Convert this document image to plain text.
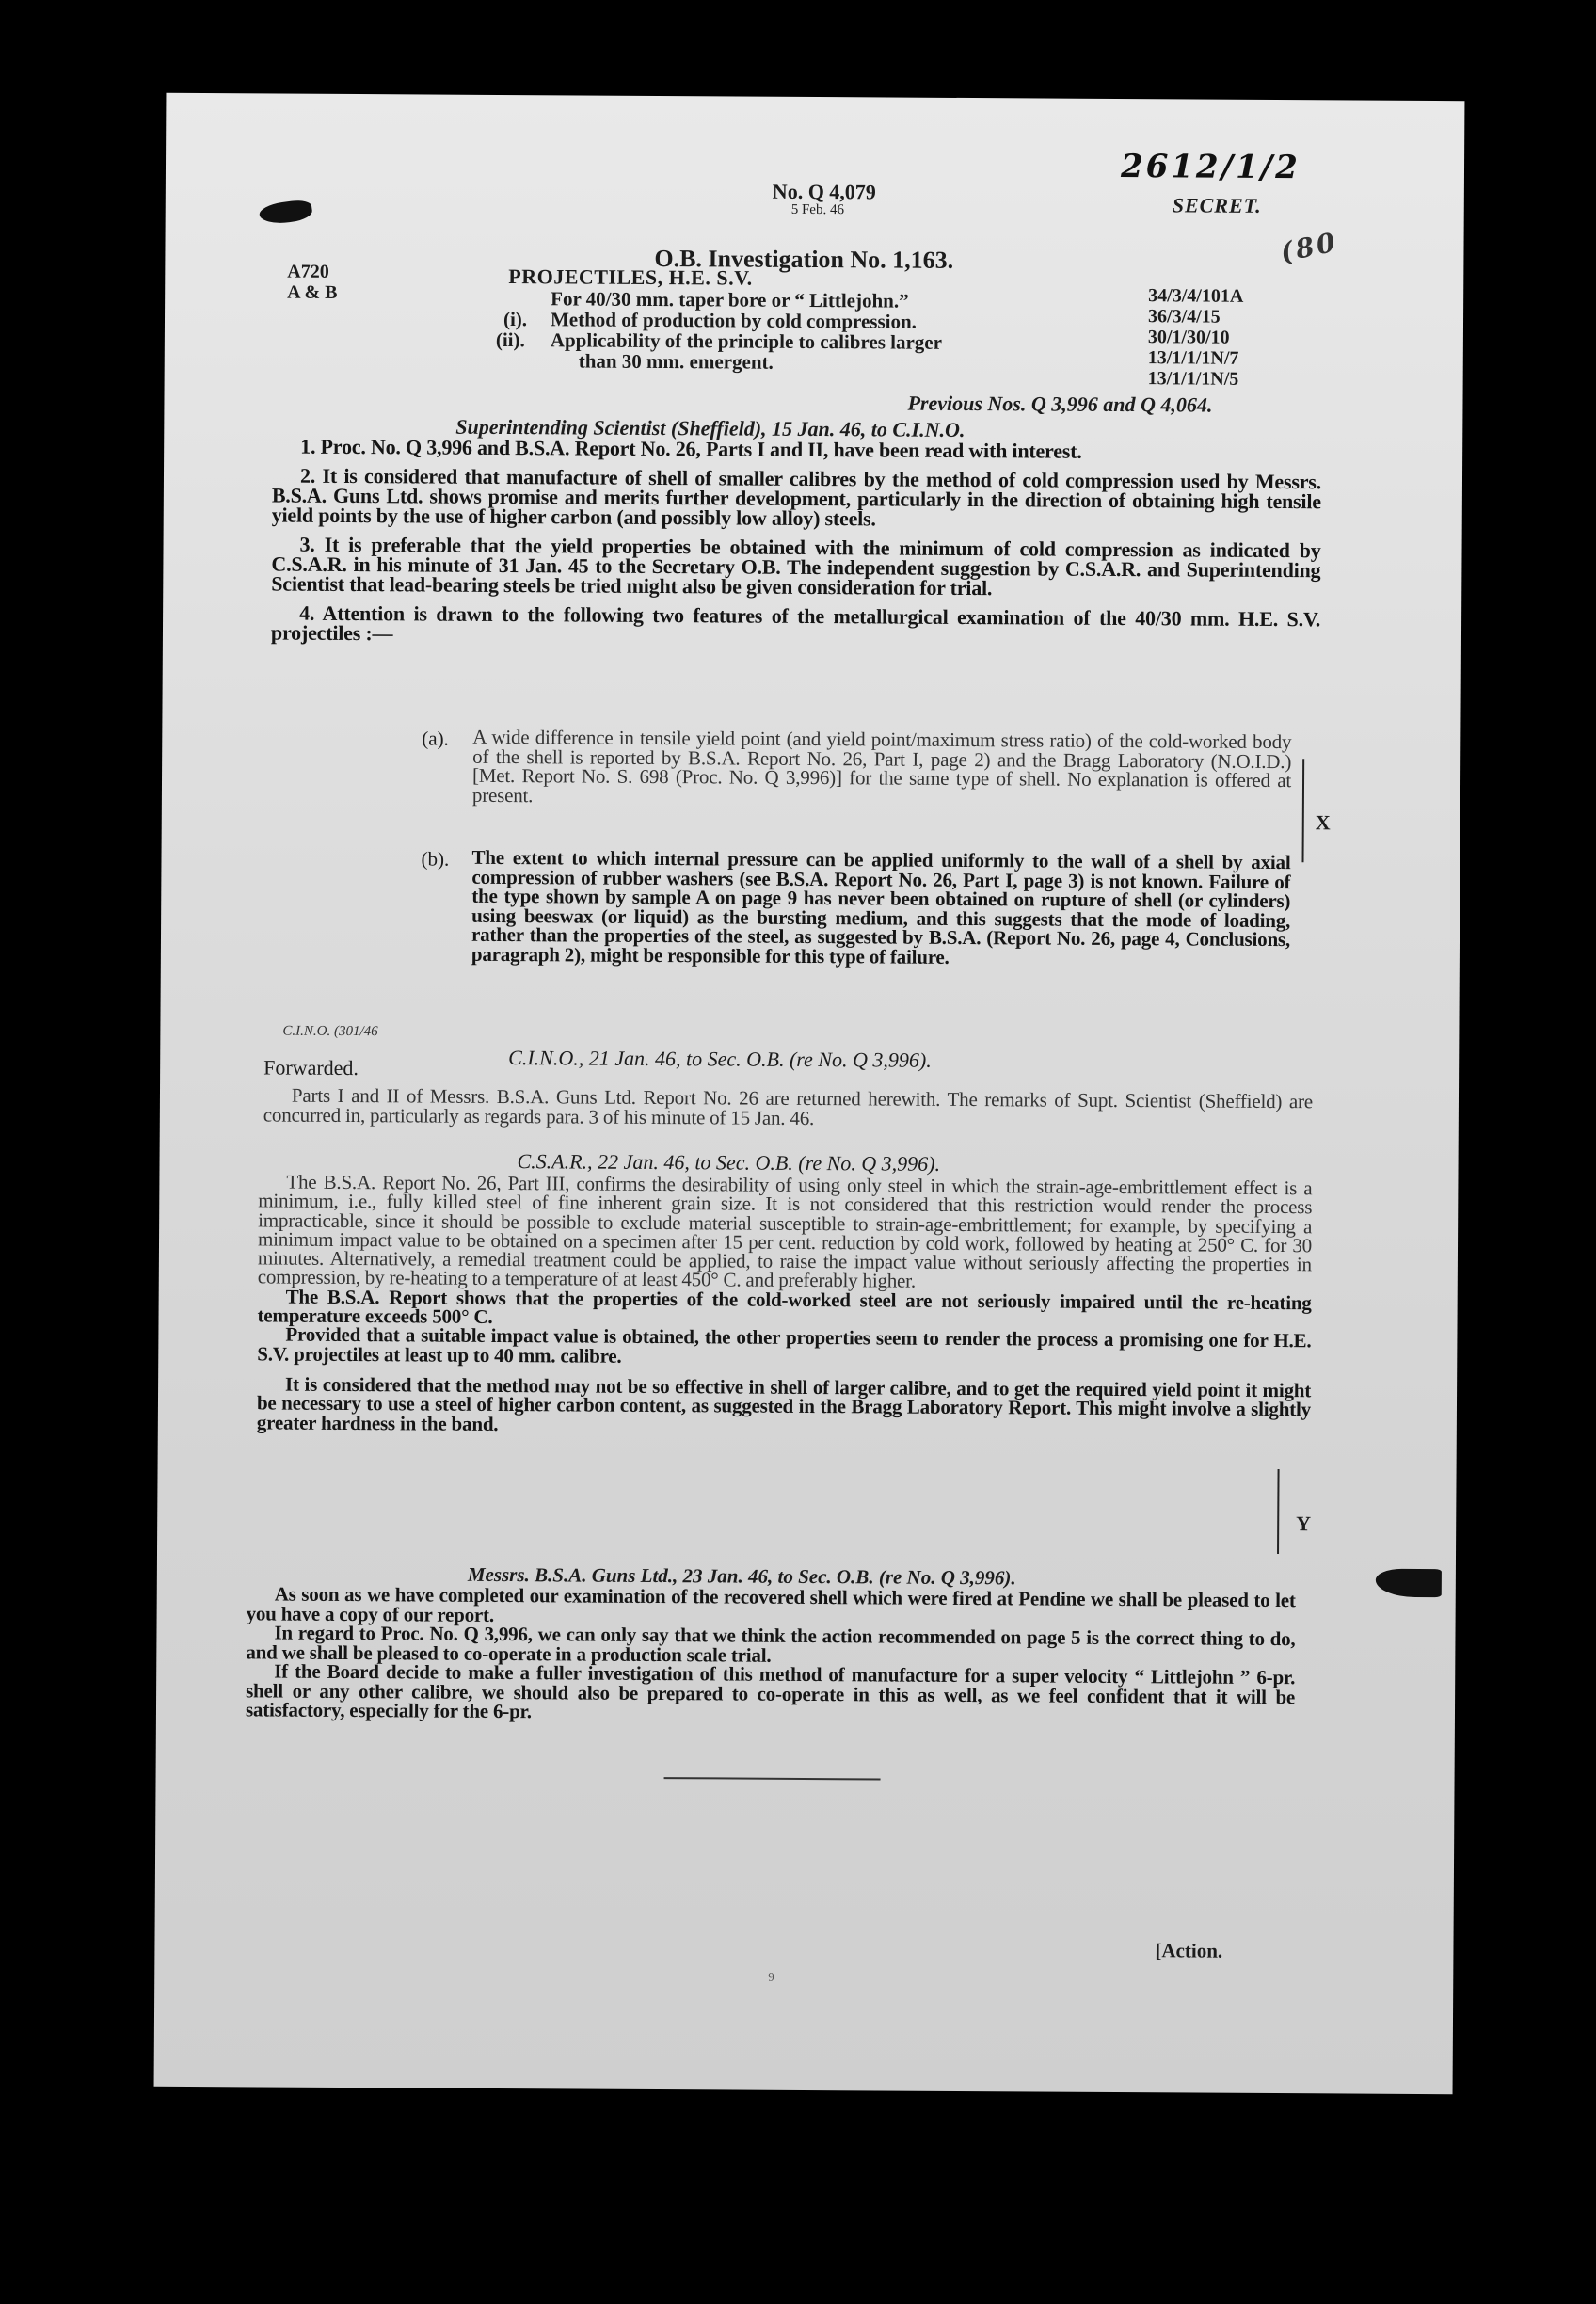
2612/1/2
(80
No. Q 4,079
5 Feb. 46	SECRET.
O.B. Investigation No. 1,163.
A720
A & B
PROJECTILES, H.E. S.V.
For 40/30 mm. taper bore or “ Littlejohn.”
(i). Method of production by cold compression.
(ii). Applicability of the principle to calibres larger
than 30 mm. emergent.
34/3/4/101A
36/3/4/15
30/1/30/10
13/1/1/1N/7
13/1/1/1N/5
Previous Nos. Q 3,996 and Q 4,064.
Superintending Scientist (Sheffield), 15 Jan. 46, to C.I.N.O.

1. Proc. No. Q 3,996 and B.S.A. Report No. 26, Parts I and II, have been read with interest.

2. It is considered that manufacture of shell of smaller calibres by the method of cold compression used by Messrs. B.S.A. Guns Ltd. shows promise and merits further development, particularly in the direction of obtaining high tensile yield points by the use of higher carbon (and possibly low alloy) steels.

3. It is preferable that the yield properties be obtained with the minimum of cold compression as indicated by C.S.A.R. in his minute of 31 Jan. 45 to the Secretary O.B. The independent suggestion by C.S.A.R. and Superintending Scientist that lead-bearing steels be tried might also be given consideration for trial.

4. Attention is drawn to the following two features of the metallurgical examination of the 40/30 mm. H.E. S.V. projectiles :—

(a). A wide difference in tensile yield point (and yield point/maximum stress ratio) of the cold-worked body of the shell is reported by B.S.A. Report No. 26, Part I, page 2) and the Bragg Laboratory (N.O.I.D.) [Met. Report No. S. 698 (Proc. No. Q 3,996)] for the same type of shell. No explanation is offered at present.
X
(b). The extent to which internal pressure can be applied uniformly to the wall of a shell by axial compression of rubber washers (see B.S.A. Report No. 26, Part I, page 3) is not known. Failure of the type shown by sample A on page 9 has never been obtained on rupture of shell (or cylinders) using beeswax (or liquid) as the bursting medium, and this suggests that the mode of loading, rather than the properties of the steel, as suggested by B.S.A. (Report No. 26, page 4, Conclusions, paragraph 2), might be responsible for this type of failure.
C.I.N.O. (301/46
C.I.N.O., 21 Jan. 46, to Sec. O.B. (re No. Q 3,996).
Forwarded.

Parts I and II of Messrs. B.S.A. Guns Ltd. Report No. 26 are returned herewith. The remarks of Supt. Scientist (Sheffield) are concurred in, particularly as regards para. 3 of his minute of 15 Jan. 46.

C.S.A.R., 22 Jan. 46, to Sec. O.B. (re No. Q 3,996).

The B.S.A. Report No. 26, Part III, confirms the desirability of using only steel in which the strain-age-embrittlement effect is a minimum, i.e., fully killed steel of fine inherent grain size. It is not considered that this restriction would render the process impracticable, since it should be possible to exclude material susceptible to strain-age-embrittlement; for example, by specifying a minimum impact value to be obtained on a specimen after 15 per cent. reduction by cold work, followed by heating at 250° C. for 30 minutes. Alternatively, a remedial treatment could be applied, to raise the impact value without seriously affecting the properties in compression, by re-heating to a temperature of at least 450° C. and preferably higher.

The B.S.A. Report shows that the properties of the cold-worked steel are not seriously impaired until the re-heating temperature exceeds 500° C.

Provided that a suitable impact value is obtained, the other properties seem to render the process a promising one for H.E. S.V. projectiles at least up to 40 mm. calibre.

It is considered that the method may not be so effective in shell of larger calibre, and to get the required yield point it might be necessary to use a steel of higher carbon content, as suggested in the Bragg Laboratory Report. This might involve a slightly greater hardness in the band.

Y
Messrs. B.S.A. Guns Ltd., 23 Jan. 46, to Sec. O.B. (re No. Q 3,996).

As soon as we have completed our examination of the recovered shell which were fired at Pendine we shall be pleased to let you have a copy of our report.

In regard to Proc. No. Q 3,996, we can only say that we think the action recommended on page 5 is the correct thing to do, and we shall be pleased to co-operate in a production scale trial.

If the Board decide to make a fuller investigation of this method of manufacture for a super velocity “ Littlejohn ” 6-pr. shell or any other calibre, we should also be prepared to co-operate in this as well, as we feel confident that it will be satisfactory, especially for the 6-pr.

[Action.
9
